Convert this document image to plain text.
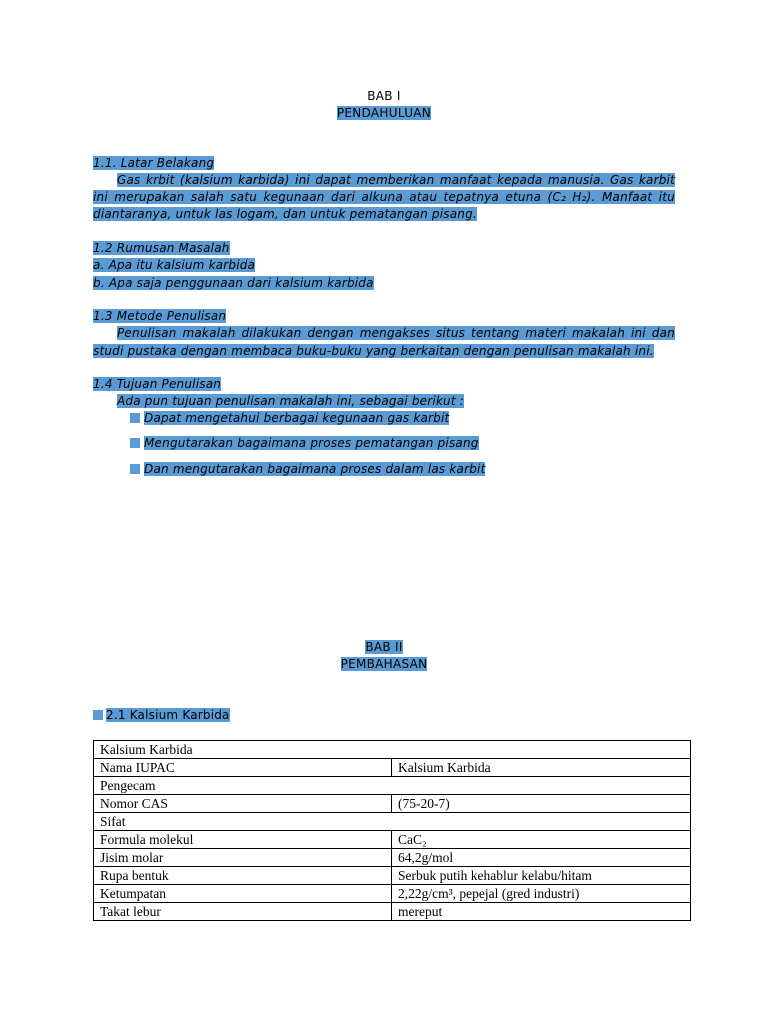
BAB I
PENDAHULUAN
1.1. Latar Belakang
Gas krbit (kalsium karbida) ini dapat memberikan manfaat kepada manusia. Gas karbit
ini merupakan salah satu kegunaan dari alkuna atau tepatnya etuna (C₂ H₂). Manfaat itu
diantaranya, untuk las logam, dan untuk pematangan pisang.
1.2 Rumusan Masalah
a. Apa itu kalsium karbida
b. Apa saja penggunaan dari kalsium karbida
1.3 Metode Penulisan
Penulisan makalah dilakukan dengan mengakses situs tentang materi makalah ini dan
studi pustaka dengan membaca buku-buku yang berkaitan dengan penulisan makalah ini.
1.4 Tujuan Penulisan
Ada pun tujuan penulisan makalah ini, sebagai berikut :
Dapat mengetahui berbagai kegunaan gas karbit
Mengutarakan bagaimana proses pematangan pisang
Dan mengutarakan bagaimana proses dalam las karbit
BAB II
PEMBAHASAN
2.1 Kalsium Karbida
Kalsium Karbida	
Nama IUPAC	Kalsium Karbida
Pengecam	
Nomor CAS	(75-20-7)
Sifat	
Formula molekul	CaC₂
Jisim molar	64,2g/mol
Rupa bentuk	Serbuk putih kehablur kelabu/hitam
Ketumpatan	2,22g/cm³, pepejal (gred industri)
Takat lebur	mereput
